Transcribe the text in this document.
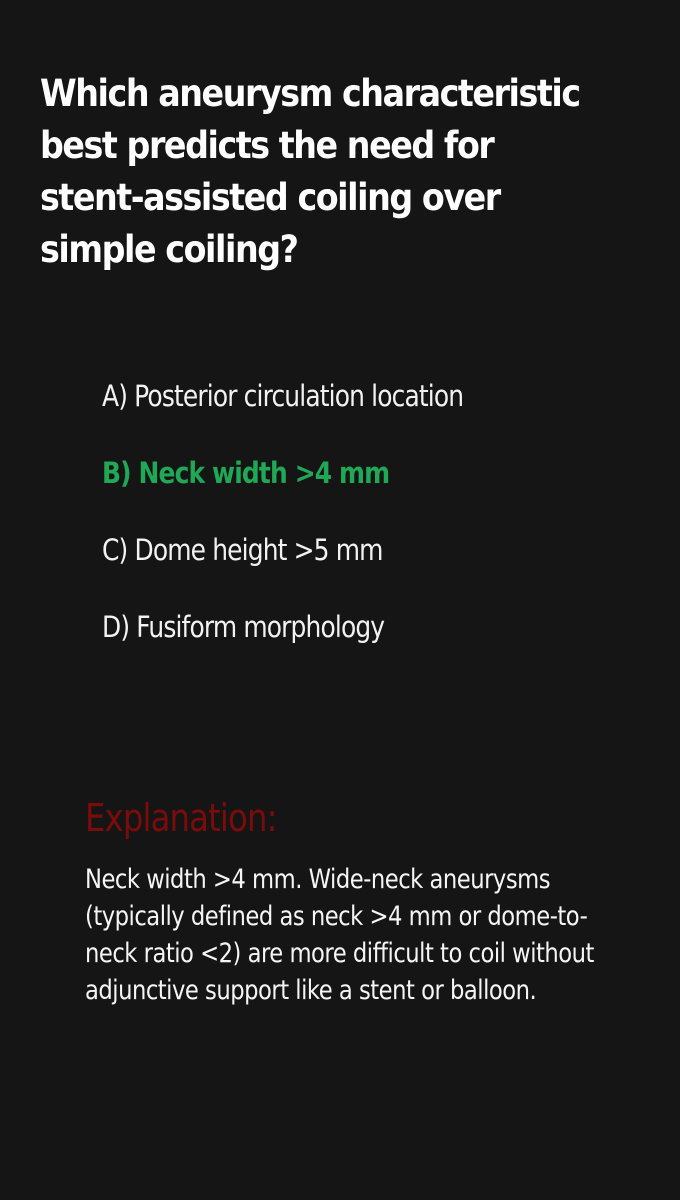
Which aneurysm characteristic best predicts the need for stent-assisted coiling over simple coiling?
A) Posterior circulation location
B) Neck width >4 mm
C) Dome height >5 mm
D) Fusiform morphology
Explanation:

Neck width >4 mm. Wide-neck aneurysms (typically defined as neck >4 mm or dome-to-neck ratio <2) are more difficult to coil without adjunctive support like a stent or balloon.
